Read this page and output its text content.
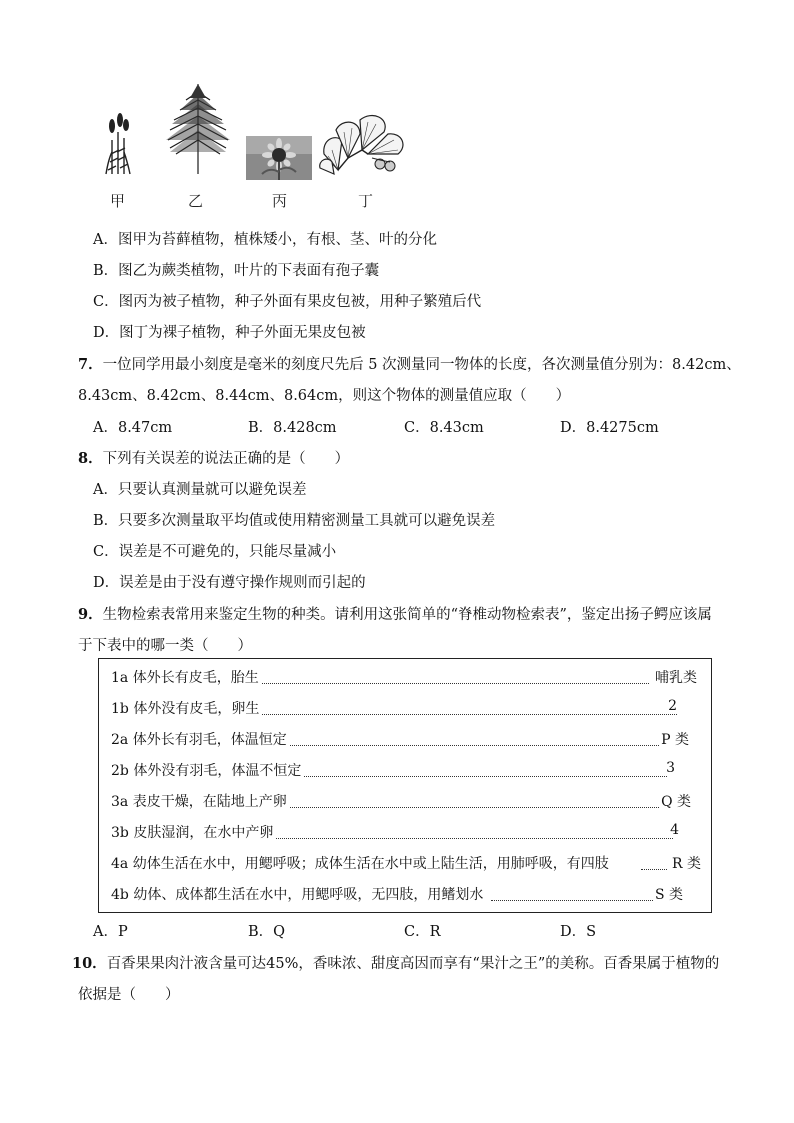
甲	乙	丙	丁
A．图甲为苔藓植物，植株矮小，有根、茎、叶的分化
B．图乙为蕨类植物，叶片的下表面有孢子囊
C．图丙为被子植物，种子外面有果皮包被，用种子繁殖后代
D．图丁为裸子植物，种子外面无果皮包被
7．一位同学用最小刻度是毫米的刻度尺先后 5 次测量同一物体的长度，各次测量值分别为：8.42cm、
8.43cm、8.42cm、8.44cm、8.64cm，则这个物体的测量值应取（　　）
A．8.47cm	B．8.428cm	C．8.43cm	D．8.4275cm
8．下列有关误差的说法正确的是（　　）
A．只要认真测量就可以避免误差
B．只要多次测量取平均值或使用精密测量工具就可以避免误差
C．误差是不可避免的，只能尽量减小
D．误差是由于没有遵守操作规则而引起的
9．生物检索表常用来鉴定生物的种类。请利用这张简单的“脊椎动物检索表”，鉴定出扬子鳄应该属
于下表中的哪一类（　　）
1a 体外长有皮毛，胎生	哺乳类
1b 体外没有皮毛，卵生	2
2a 体外长有羽毛，体温恒定	P 类
2b 体外没有羽毛，体温不恒定	3
3a 表皮干燥，在陆地上产卵	Q 类
3b 皮肤湿润，在水中产卵	4
4a 幼体生活在水中，用鳃呼吸；成体生活在水中或上陆生活，用肺呼吸，有四肢	R 类
4b 幼体、成体都生活在水中，用鳃呼吸，无四肢，用鳍划水	S 类
A．P	B．Q	C．R	D．S
10．百香果果肉汁液含量可达45%，香味浓、甜度高因而享有“果汁之王”的美称。百香果属于植物的
依据是（　　）
